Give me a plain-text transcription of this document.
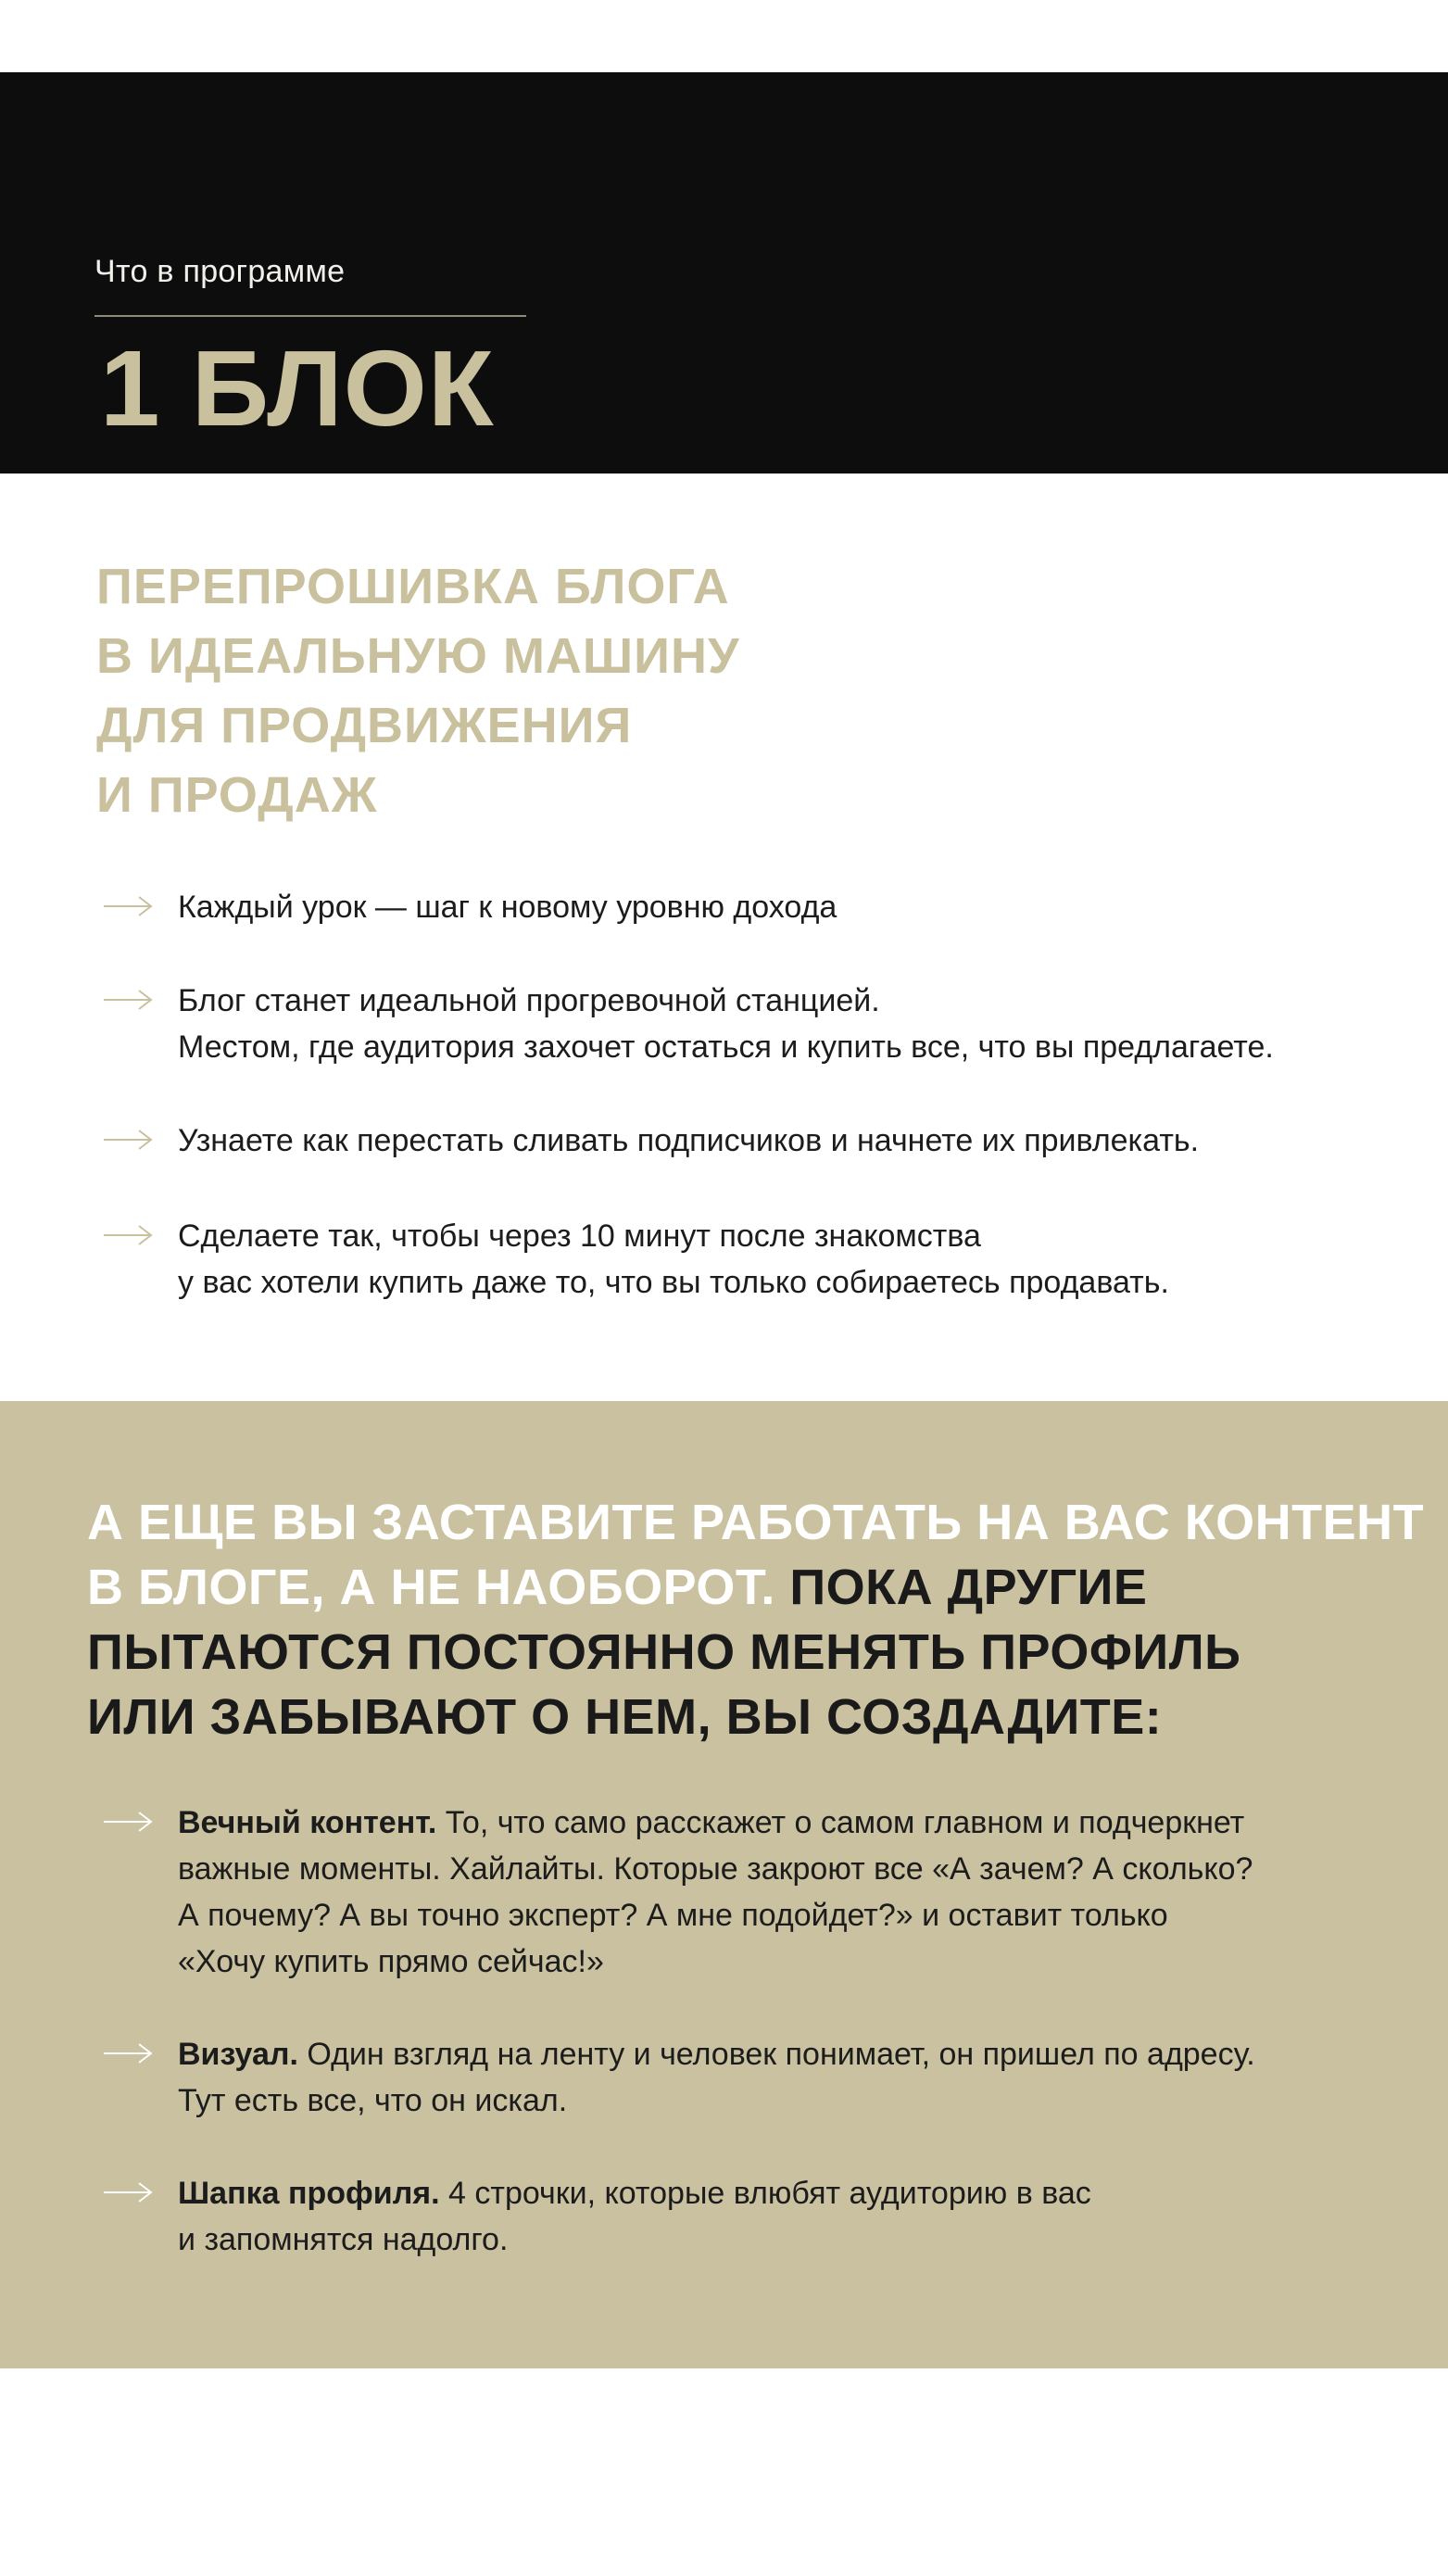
Что в программе

1 БЛОК
ПЕРЕПРОШИВКА БЛОГА
В ИДЕАЛЬНУЮ МАШИНУ
ДЛЯ ПРОДВИЖЕНИЯ
И ПРОДАЖ
Каждый урок — шаг к новому уровню дохода
Блог станет идеальной прогревочной станцией.
Местом, где аудитория захочет остаться и купить все, что вы предлагаете.
Узнаете как перестать сливать подписчиков и начнете их привлекать.
Сделаете так, чтобы через 10 минут после знакомства
у вас хотели купить даже то, что вы только собираетесь продавать.
А ЕЩЕ ВЫ ЗАСТАВИТЕ РАБОТАТЬ НА ВАС КОНТЕНТ
В БЛОГЕ, А НЕ НАОБОРОТ. ПОКА ДРУГИЕ
ПЫТАЮТСЯ ПОСТОЯННО МЕНЯТЬ ПРОФИЛЬ
ИЛИ ЗАБЫВАЮТ О НЕМ, ВЫ СОЗДАДИТЕ:
Вечный контент. То, что само расскажет о самом главном и подчеркнет
важные моменты. Хайлайты. Которые закроют все «А зачем? А сколько?
А почему? А вы точно эксперт? А мне подойдет?» и оставит только
«Хочу купить прямо сейчас!»
Визуал. Один взгляд на ленту и человек понимает, он пришел по адресу.
Тут есть все, что он искал.
Шапка профиля. 4 строчки, которые влюбят аудиторию в вас
и запомнятся надолго.
